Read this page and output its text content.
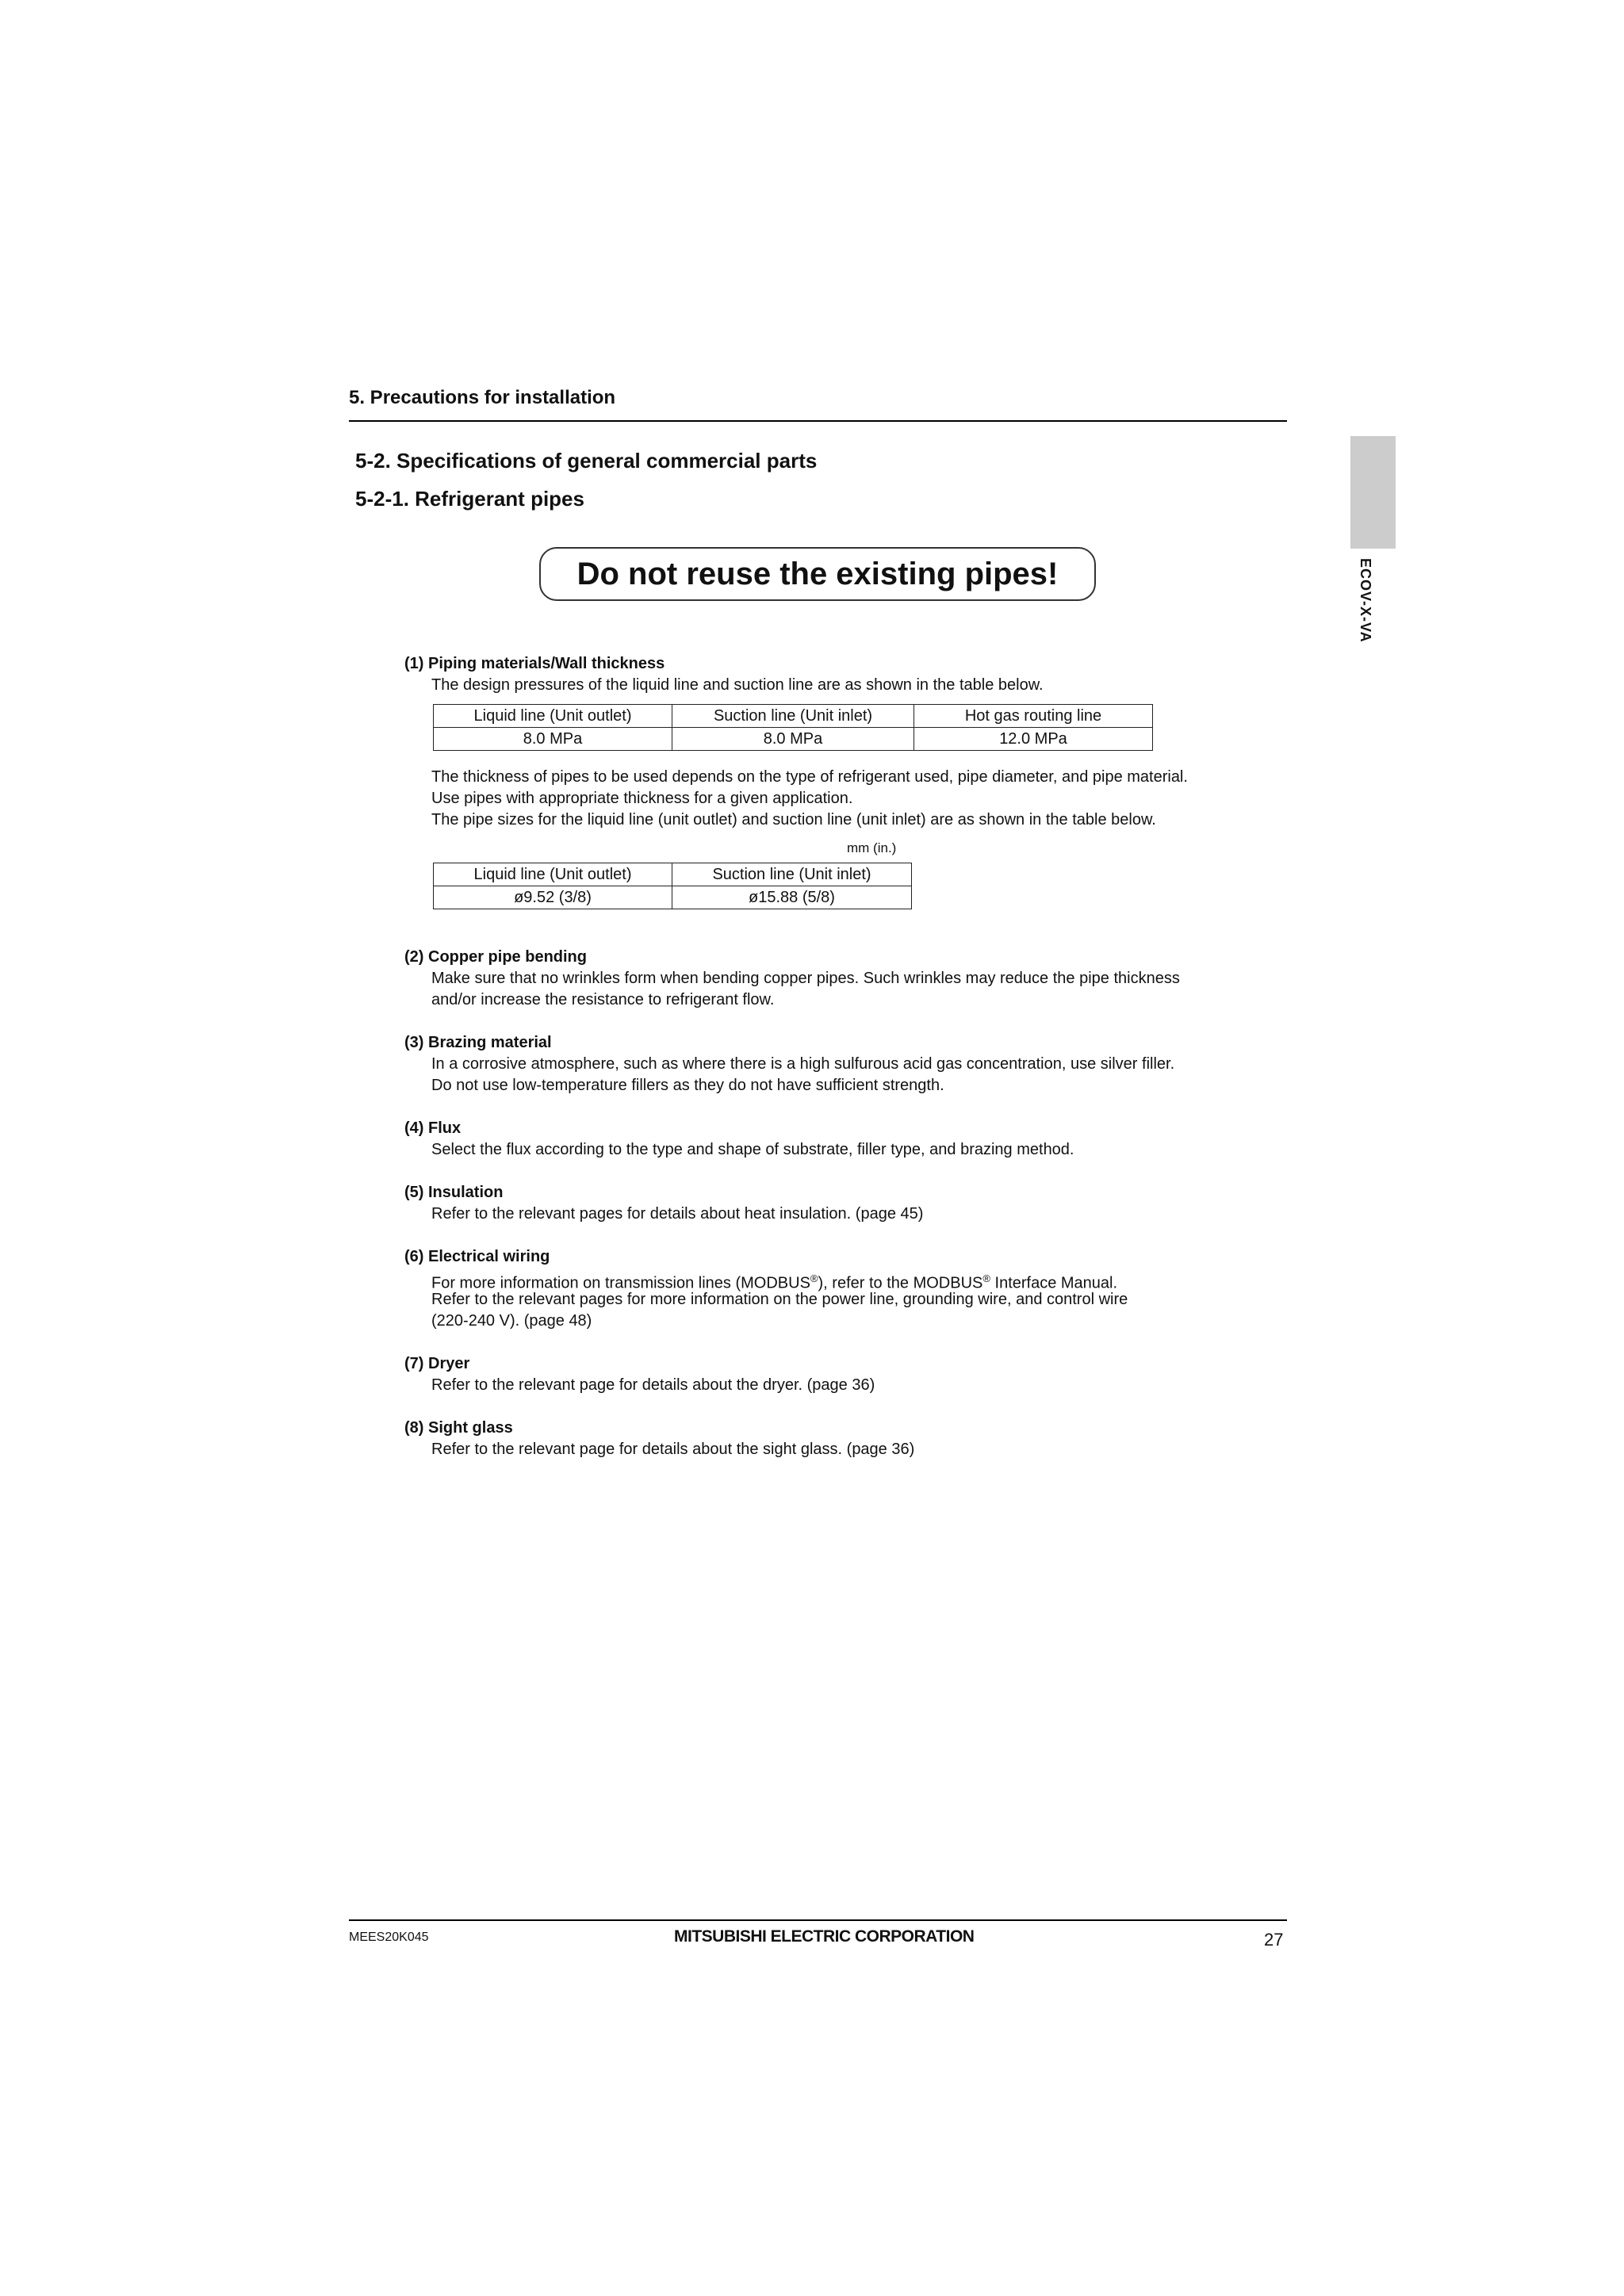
5. Precautions for installation
ECOV-X-VA
5-2. Specifications of general commercial parts
5-2-1. Refrigerant pipes
Do not reuse the existing pipes!
(1) Piping materials/Wall thickness
The design pressures of the liquid line and suction line are as shown in the table below.
Liquid line (Unit outlet)	Suction line (Unit inlet)	Hot gas routing line
8.0 MPa	8.0 MPa	12.0 MPa
The thickness of pipes to be used depends on the type of refrigerant used, pipe diameter, and pipe material.
Use pipes with appropriate thickness for a given application.
The pipe sizes for the liquid line (unit outlet) and suction line (unit inlet) are as shown in the table below.
mm (in.)
Liquid line (Unit outlet)	Suction line (Unit inlet)
ø9.52 (3/8)	ø15.88 (5/8)
(2) Copper pipe bending
Make sure that no wrinkles form when bending copper pipes. Such wrinkles may reduce the pipe thickness
and/or increase the resistance to refrigerant flow.
(3) Brazing material
In a corrosive atmosphere, such as where there is a high sulfurous acid gas concentration, use silver filler.
Do not use low-temperature fillers as they do not have sufficient strength.
(4) Flux
Select the flux according to the type and shape of substrate, filler type, and brazing method.
(5) Insulation
Refer to the relevant pages for details about heat insulation. (page 45)
(6) Electrical wiring
For more information on transmission lines (MODBUS®), refer to the MODBUS® Interface Manual.
Refer to the relevant pages for more information on the power line, grounding wire, and control wire
(220-240 V). (page 48)
(7) Dryer
Refer to the relevant page for details about the dryer. (page 36)
(8) Sight glass
Refer to the relevant page for details about the sight glass. (page 36)
MEES20K045	MITSUBISHI ELECTRIC CORPORATION	27
